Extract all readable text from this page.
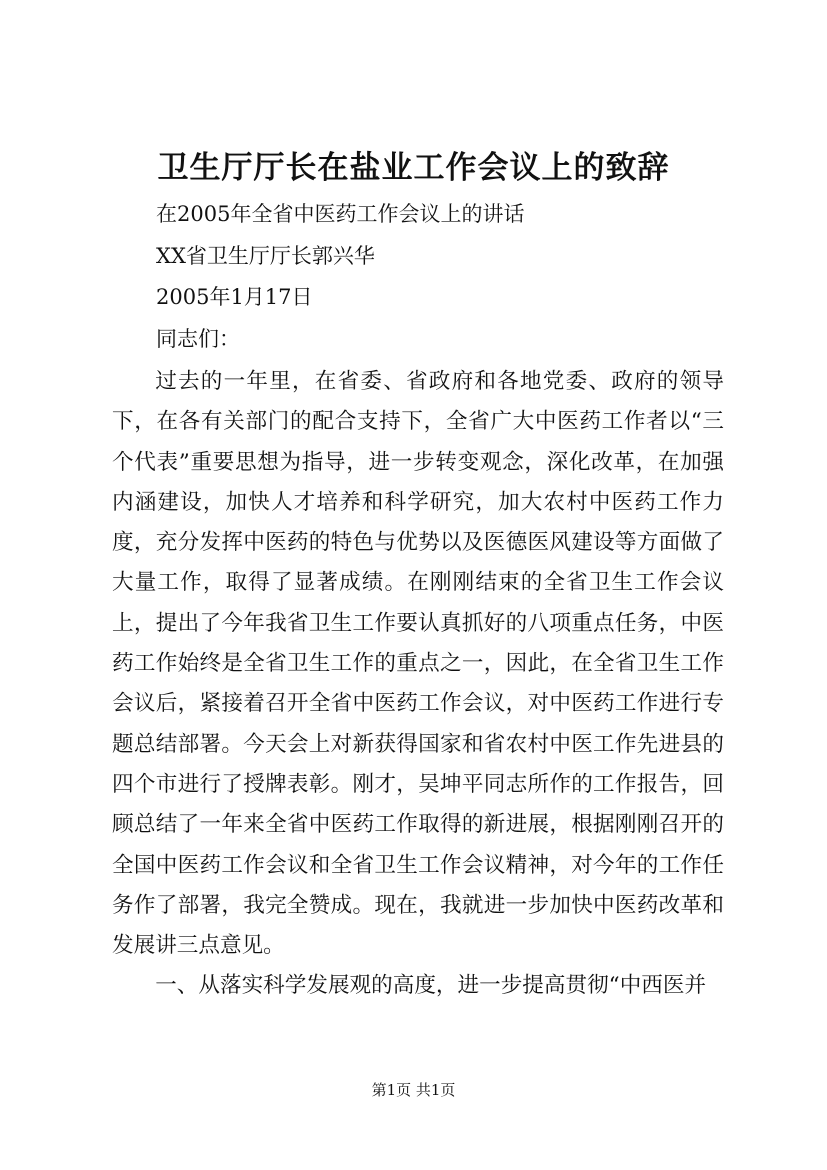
卫生厅厅长在盐业工作会议上的致辞
在2005年全省中医药工作会议上的讲话
XX省卫生厅厅长郭兴华
2005年1月17日
同志们：

过去的一年里，在省委、省政府和各地党委、政府的领导下，在各有关部门的配合支持下，全省广大中医药工作者以“三个代表”重要思想为指导，进一步转变观念，深化改革，在加强内涵建设，加快人才培养和科学研究，加大农村中医药工作力度，充分发挥中医药的特色与优势以及医德医风建设等方面做了大量工作，取得了显著成绩。在刚刚结束的全省卫生工作会议上，提出了今年我省卫生工作要认真抓好的八项重点任务，中医药工作始终是全省卫生工作的重点之一，因此，在全省卫生工作会议后，紧接着召开全省中医药工作会议，对中医药工作进行专题总结部署。今天会上对新获得国家和省农村中医工作先进县的四个市进行了授牌表彰。刚才，吴坤平同志所作的工作报告，回顾总结了一年来全省中医药工作取得的新进展，根据刚刚召开的全国中医药工作会议和全省卫生工作会议精神，对今年的工作任务作了部署，我完全赞成。现在，我就进一步加快中医药改革和发展讲三点意见。

一、从落实科学发展观的高度，进一步提高贯彻“中西医并

第1页 共1页
